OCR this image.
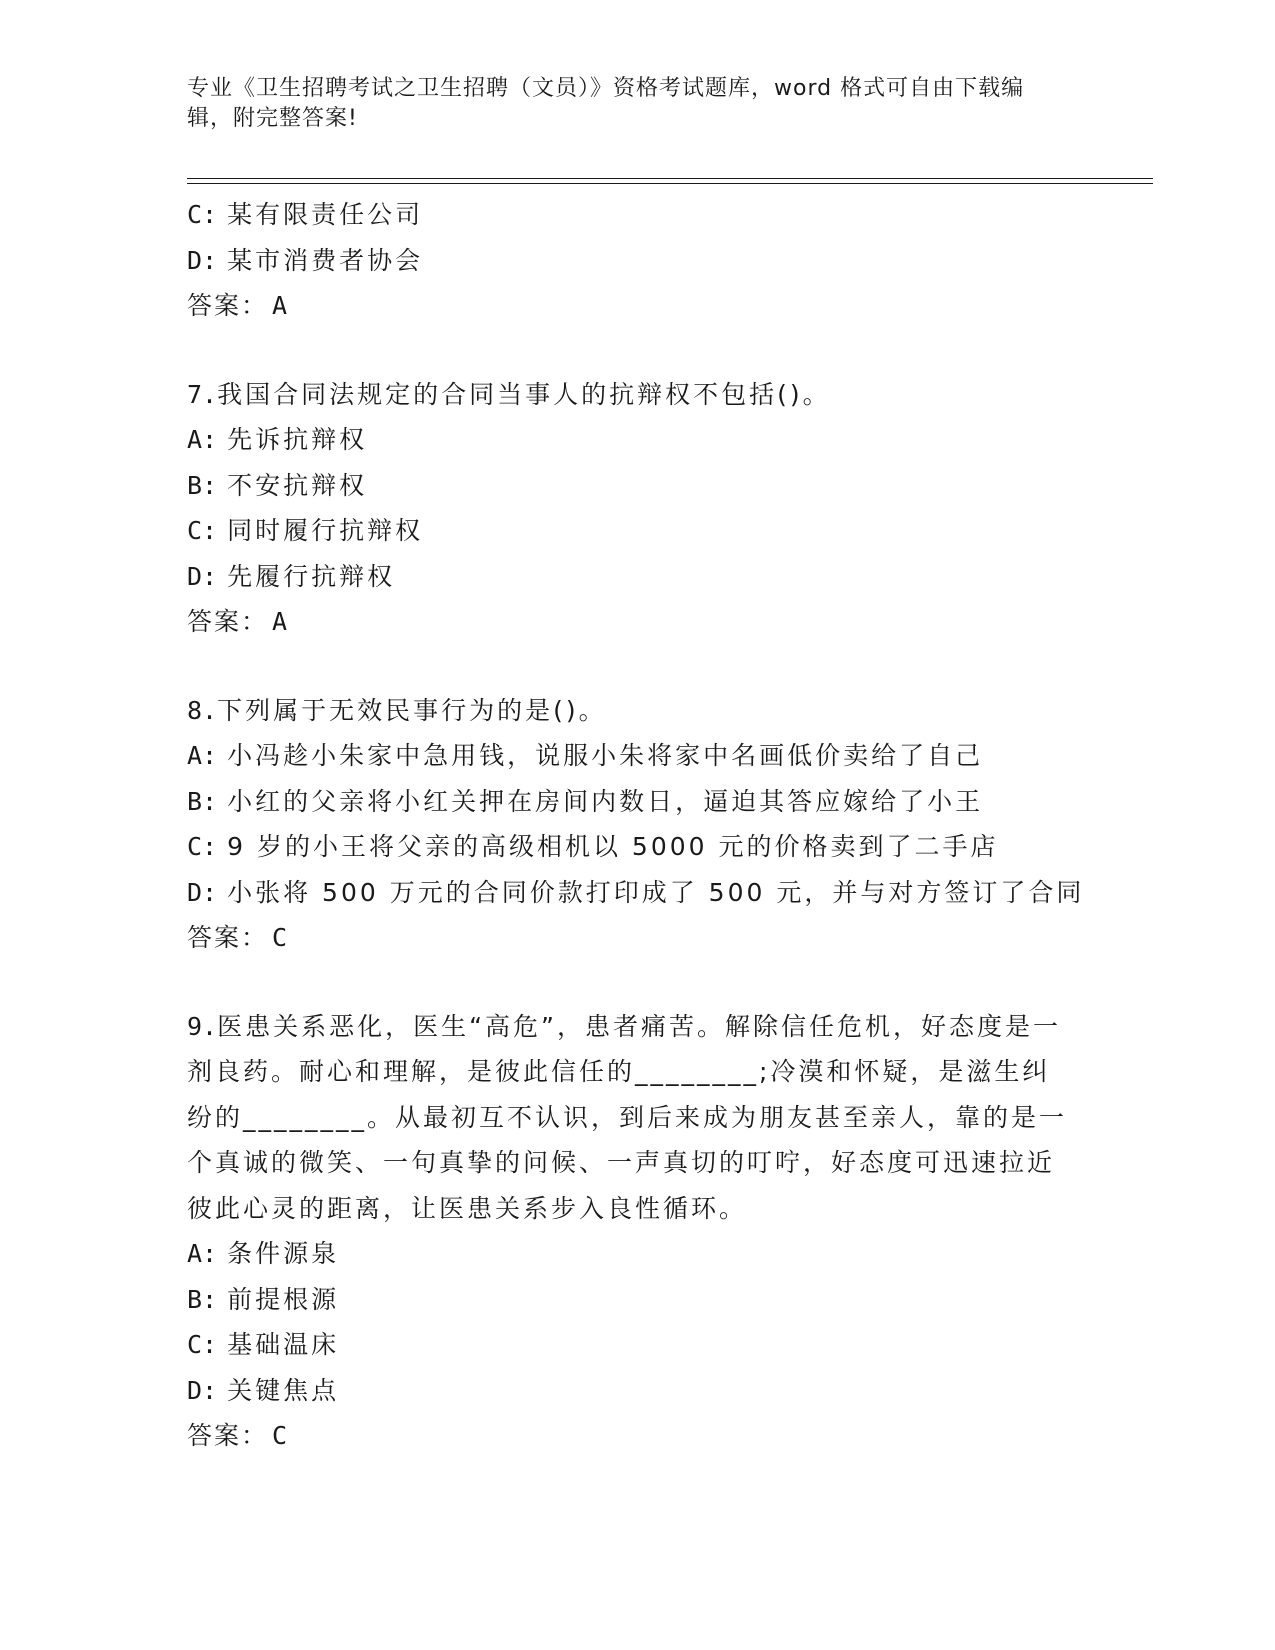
专业《卫生招聘考试之卫生招聘（文员）》资格考试题库，word 格式可自由下载编辑，附完整答案!
C: 某有限责任公司
D: 某市消费者协会
答案： A
7.我国合同法规定的合同当事人的抗辩权不包括()。
A: 先诉抗辩权
B: 不安抗辩权
C: 同时履行抗辩权
D: 先履行抗辩权
答案： A
8.下列属于无效民事行为的是()。
A: 小冯趁小朱家中急用钱，说服小朱将家中名画低价卖给了自己
B: 小红的父亲将小红关押在房间内数日，逼迫其答应嫁给了小王
C: 9 岁的小王将父亲的高级相机以 5000 元的价格卖到了二手店
D: 小张将 500 万元的合同价款打印成了 500 元，并与对方签订了合同
答案： C
9.医患关系恶化，医生“高危”，患者痛苦。解除信任危机，好态度是一剂良药。耐心和理解，是彼此信任的________;冷漠和怀疑，是滋生纠纷的________。从最初互不认识，到后来成为朋友甚至亲人，靠的是一个真诚的微笑、一句真挚的问候、一声真切的叮咛，好态度可迅速拉近彼此心灵的距离，让医患关系步入良性循环。
A: 条件源泉
B: 前提根源
C: 基础温床
D: 关键焦点
答案： C
